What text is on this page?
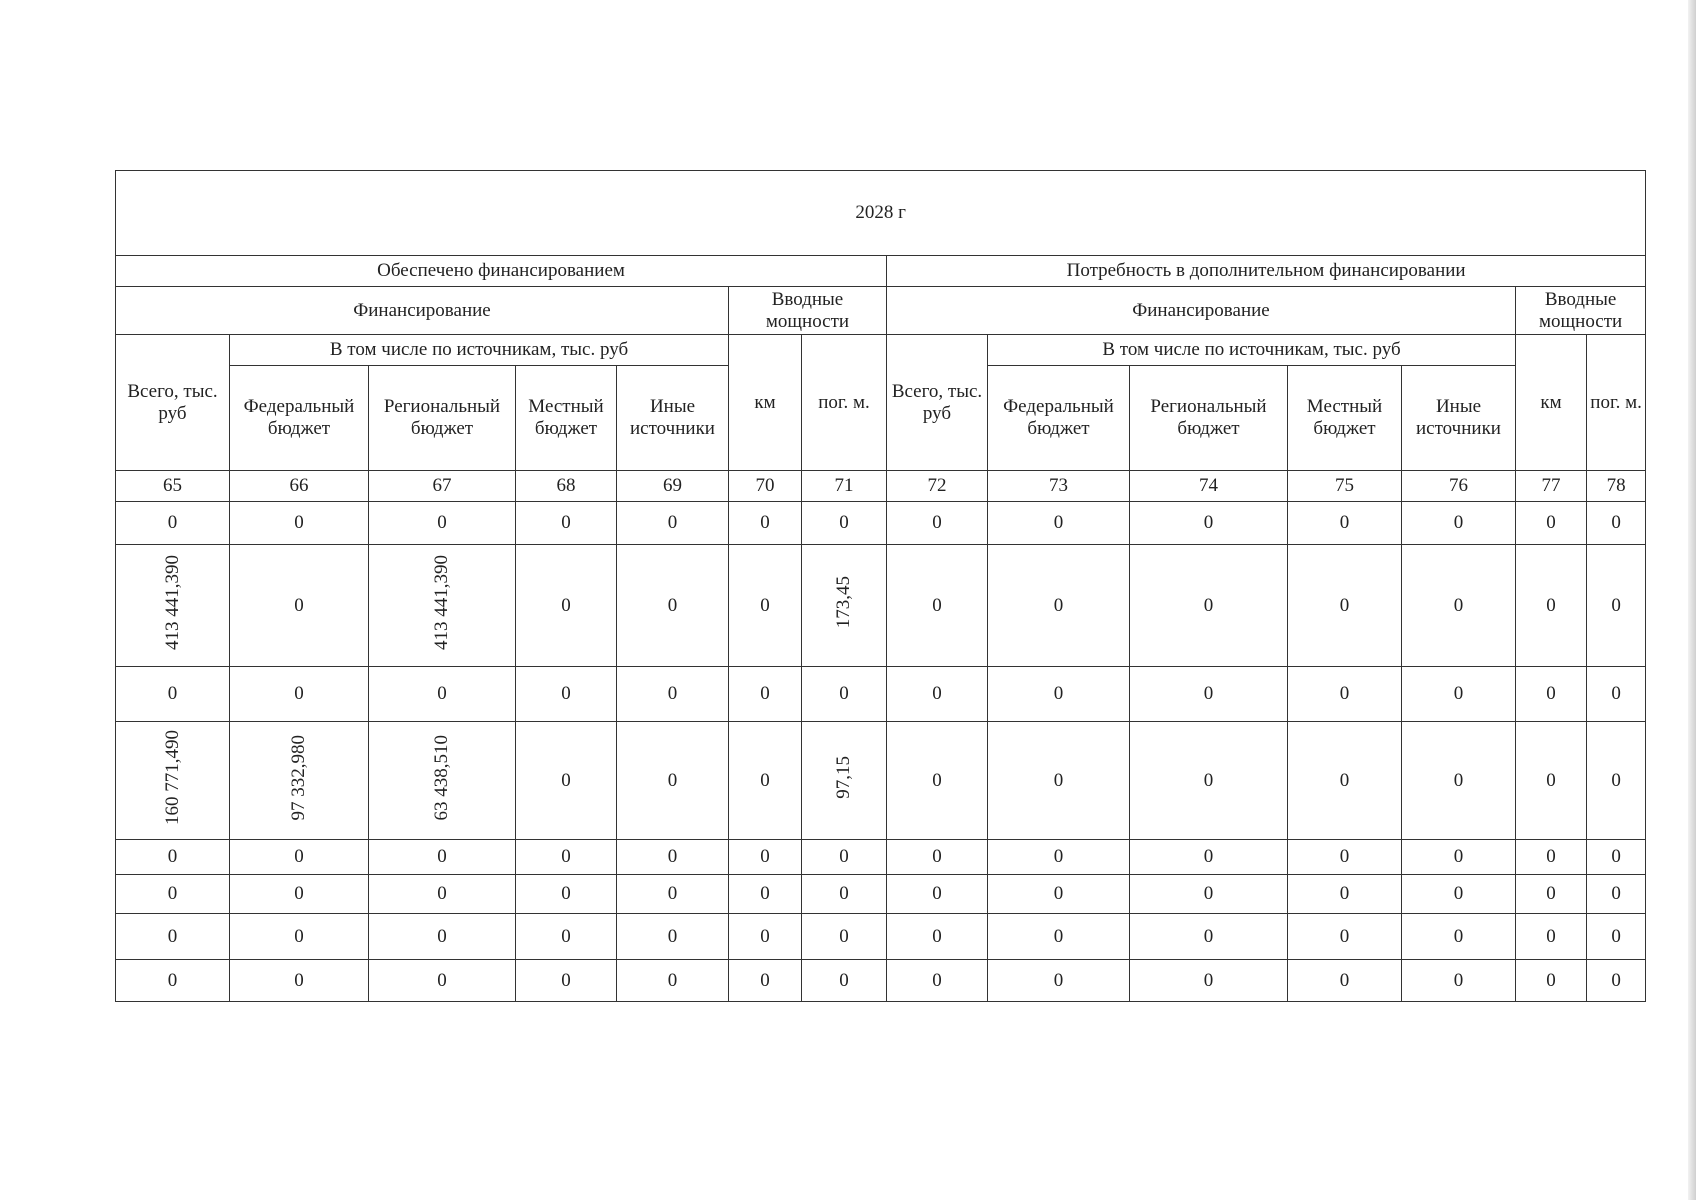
2028 г													
Обеспечено финансированием							Потребность в дополнительном финансировании						
Финансирование					Вводные мощности		Финансирование					Вводные мощности	
Всего, тыс. руб	В том числе по источникам, тыс. руб				км	пог. м.	Всего, тыс. руб	В том числе по источникам, тыс. руб				км	пог. м.
	Федеральный бюджет	Региональный бюджет	Местный бюджет	Иные источники				Федеральный бюджет	Региональный бюджет	Местный бюджет	Иные источники		
65	66	67	68	69	70	71	72	73	74	75	76	77	78
0	0	0	0	0	0	0	0	0	0	0	0	0	0
413 441,390	0	413 441,390	0	0	0	173,45	0	0	0	0	0	0	0
0	0	0	0	0	0	0	0	0	0	0	0	0	0
160 771,490	97 332,980	63 438,510	0	0	0	97,15	0	0	0	0	0	0	0
0	0	0	0	0	0	0	0	0	0	0	0	0	0
0	0	0	0	0	0	0	0	0	0	0	0	0	0
0	0	0	0	0	0	0	0	0	0	0	0	0	0
0	0	0	0	0	0	0	0	0	0	0	0	0	0
